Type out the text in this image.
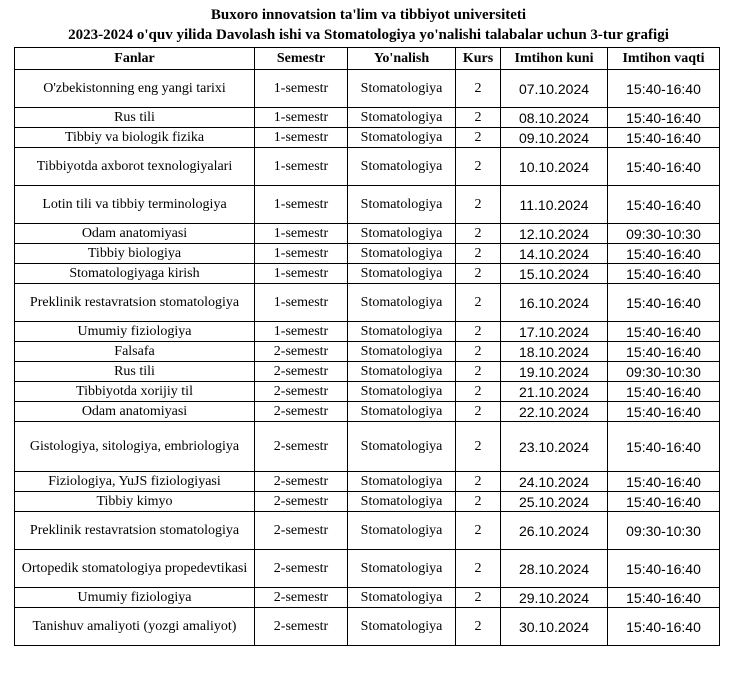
Buxoro innovatsion ta'lim va tibbiyot universiteti
2023-2024 o'quv yilida Davolash ishi va Stomatologiya yo'nalishi talabalar uchun 3-tur grafigi
Fanlar	Semestr	Yo'nalish	Kurs	Imtihon kuni	Imtihon vaqti
O'zbekistonning eng yangi tarixi	1-semestr	Stomatologiya	2	07.10.2024	15:40-16:40
Rus tili	1-semestr	Stomatologiya	2	08.10.2024	15:40-16:40
Tibbiy va biologik fizika	1-semestr	Stomatologiya	2	09.10.2024	15:40-16:40
Tibbiyotda axborot texnologiyalari	1-semestr	Stomatologiya	2	10.10.2024	15:40-16:40
Lotin tili va tibbiy terminologiya	1-semestr	Stomatologiya	2	11.10.2024	15:40-16:40
Odam anatomiyasi	1-semestr	Stomatologiya	2	12.10.2024	09:30-10:30
Tibbiy biologiya	1-semestr	Stomatologiya	2	14.10.2024	15:40-16:40
Stomatologiyaga kirish	1-semestr	Stomatologiya	2	15.10.2024	15:40-16:40
Preklinik restavratsion stomatologiya	1-semestr	Stomatologiya	2	16.10.2024	15:40-16:40
Umumiy fiziologiya	1-semestr	Stomatologiya	2	17.10.2024	15:40-16:40
Falsafa	2-semestr	Stomatologiya	2	18.10.2024	15:40-16:40
Rus tili	2-semestr	Stomatologiya	2	19.10.2024	09:30-10:30
Tibbiyotda xorijiy til	2-semestr	Stomatologiya	2	21.10.2024	15:40-16:40
Odam anatomiyasi	2-semestr	Stomatologiya	2	22.10.2024	15:40-16:40
Gistologiya, sitologiya, embriologiya	2-semestr	Stomatologiya	2	23.10.2024	15:40-16:40
Fiziologiya, YuJS fiziologiyasi	2-semestr	Stomatologiya	2	24.10.2024	15:40-16:40
Tibbiy kimyo	2-semestr	Stomatologiya	2	25.10.2024	15:40-16:40
Preklinik restavratsion stomatologiya	2-semestr	Stomatologiya	2	26.10.2024	09:30-10:30
Ortopedik stomatologiya propedevtikasi	2-semestr	Stomatologiya	2	28.10.2024	15:40-16:40
Umumiy fiziologiya	2-semestr	Stomatologiya	2	29.10.2024	15:40-16:40
Tanishuv amaliyoti (yozgi amaliyot)	2-semestr	Stomatologiya	2	30.10.2024	15:40-16:40
